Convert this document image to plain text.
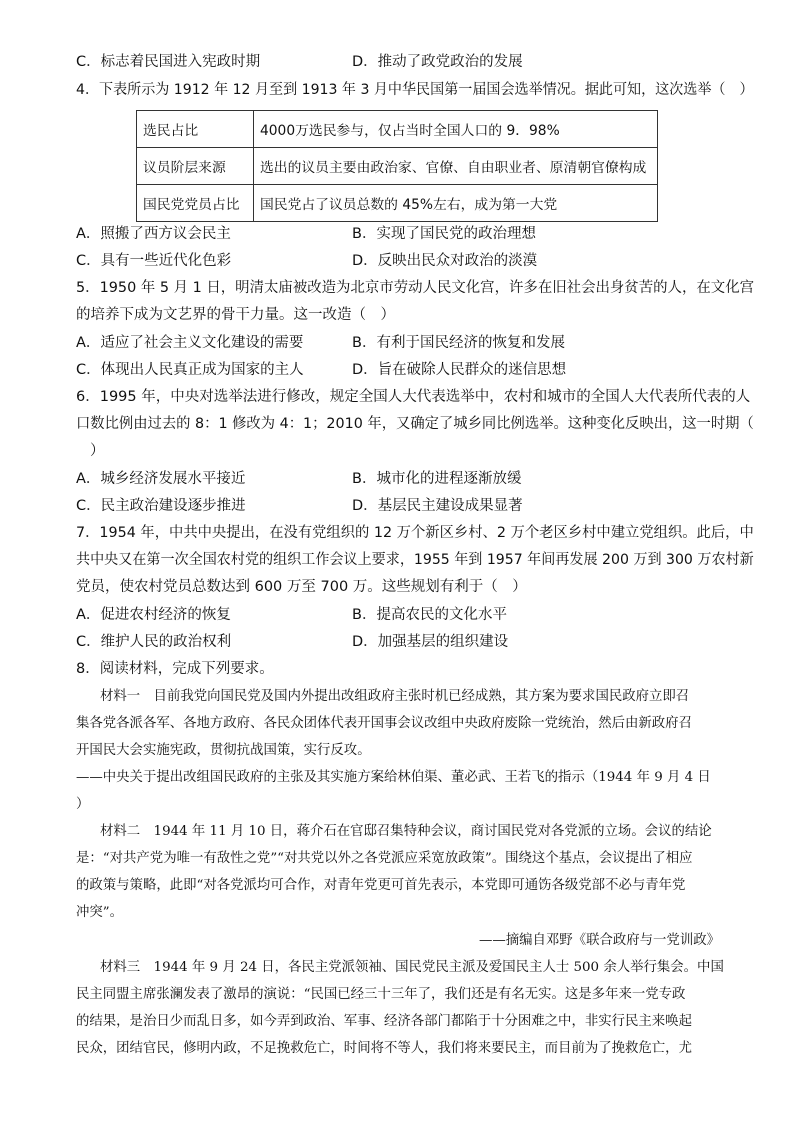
C．标志着民国进入宪政时期	D．推动了政党政治的发展
4．下表所示为 1912 年 12 月至到 1913 年 3 月中华民国第一届国会选举情况。据此可知，这次选举（　）
选民占比	4000万选民参与，仅占当时全国人口的 9．98%
议员阶层来源	选出的议员主要由政治家、官僚、自由职业者、原清朝官僚构成
国民党党员占比	国民党占了议员总数的 45%左右，成为第一大党
A．照搬了西方议会民主	B．实现了国民党的政治理想
C．具有一些近代化色彩	D．反映出民众对政治的淡漠
5．1950 年 5 月 1 日，明清太庙被改造为北京市劳动人民文化宫，许多在旧社会出身贫苦的人，在文化宫
的培养下成为文艺界的骨干力量。这一改造（　）
A．适应了社会主义文化建设的需要	B．有利于国民经济的恢复和发展
C．体现出人民真正成为国家的主人	D．旨在破除人民群众的迷信思想
6．1995 年，中央对选举法进行修改，规定全国人大代表选举中，农村和城市的全国人大代表所代表的人
口数比例由过去的 8：1 修改为 4：1；2010 年，又确定了城乡同比例选举。这种变化反映出，这一时期（
）
A．城乡经济发展水平接近	B．城市化的进程逐渐放缓
C．民主政治建设逐步推进	D．基层民主建设成果显著
7．1954 年，中共中央提出，在没有党组织的 12 万个新区乡村、2 万个老区乡村中建立党组织。此后，中
共中央又在第一次全国农村党的组织工作会议上要求，1955 年到 1957 年间再发展 200 万到 300 万农村新
党员，使农村党员总数达到 600 万至 700 万。这些规划有利于（　）
A．促进农村经济的恢复	B．提高农民的文化水平
C．维护人民的政治权利	D．加强基层的组织建设
8．阅读材料，完成下列要求。
材料一　目前我党向国民党及国内外提出改组政府主张时机已经成熟，其方案为要求国民政府立即召
集各党各派各军、各地方政府、各民众团体代表开国事会议改组中央政府废除一党统治，然后由新政府召
开国民大会实施宪政，贯彻抗战国策，实行反攻。
——中央关于提出改组国民政府的主张及其实施方案给林伯渠、董必武、王若飞的指示（1944 年 9 月 4 日
）
材料二　1944 年 11 月 10 日，蒋介石在官邸召集特种会议，商讨国民党对各党派的立场。会议的结论
是：“对共产党为唯一有敌性之党”“对共党以外之各党派应采宽放政策”。围绕这个基点，会议提出了相应
的政策与策略，此即“对各党派均可合作，对青年党更可首先表示，本党即可通饬各级党部不必与青年党
冲突”。
——摘编自邓野《联合政府与一党训政》
材料三　1944 年 9 月 24 日，各民主党派领袖、国民党民主派及爱国民主人士 500 余人举行集会。中国
民主同盟主席张澜发表了激昂的演说：“民国已经三十三年了，我们还是有名无实。这是多年来一党专政
的结果，是治日少而乱日多，如今弄到政治、军事、经济各部门都陷于十分困难之中，非实行民主来唤起
民众，团结官民，修明内政，不足挽救危亡，时间将不等人，我们将来要民主，而目前为了挽救危亡，尤
